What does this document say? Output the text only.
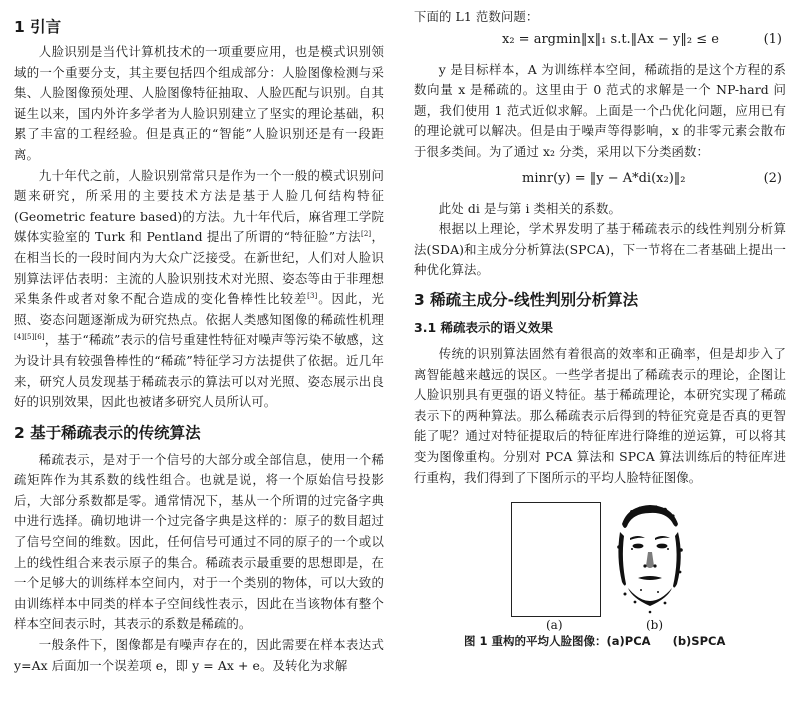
1 引言

人脸识别是当代计算机技术的一项重要应用，也是模式识别领域的一个重要分支，其主要包括四个组成部分：人脸图像检测与采集、人脸图像预处理、人脸图像特征抽取、人脸匹配与识别。自其诞生以来，国内外许多学者为人脸识别建立了坚实的理论基础，积累了丰富的工程经验。但是真正的“智能”人脸识别还是有一段距离。

九十年代之前，人脸识别常常只是作为一个一般的模式识别问题来研究，所采用的主要技术方法是基于人脸几何结构特征(Geometric feature based)的方法。九十年代后，麻省理工学院媒体实验室的 Turk 和 Pentland 提出了所谓的“特征脸”方法[2]，在相当长的一段时间内为大众广泛接受。在新世纪，人们对人脸识别算法评估表明：主流的人脸识别技术对光照、姿态等由于非理想采集条件或者对象不配合造成的变化鲁棒性比较差[3]。因此，光照、姿态问题逐渐成为研究热点。依据人类感知图像的稀疏性机理[4][5][6]，基于“稀疏”表示的信号重建性特征对噪声等污染不敏感，这为设计具有较强鲁棒性的“稀疏”特征学习方法提供了依据。近几年来，研究人员发现基于稀疏表示的算法可以对光照、姿态展示出良好的识别效果，因此也被诸多研究人员所认可。

2 基于稀疏表示的传统算法

稀疏表示，是对于一个信号的大部分或全部信息，使用一个稀疏矩阵作为其系数的线性组合。也就是说，将一个原始信号投影后，大部分系数都是零。通常情况下，基从一个所谓的过完备字典中进行选择。确切地讲一个过完备字典是这样的：原子的数目超过了信号空间的维数。因此，任何信号可通过不同的原子的一个或以上的线性组合来表示原子的集合。稀疏表示最重要的思想即是，在一个足够大的训练样本空间内，对于一个类别的物体，可以大致的由训练样本中同类的样本子空间线性表示，因此在当该物体有整个样本空间表示时，其表示的系数是稀疏的。

一般条件下，图像都是有噪声存在的，因此需要在样本表达式 y=Ax 后面加一个误差项 e，即 y = Ax + e。及转化为求解

下面的 L1 范数问题：

x₂ = argmin‖x‖₁ s.t.‖Ax − y‖₂ ≤ e	(1)

y 是目标样本，A 为训练样本空间，稀疏指的是这个方程的系数向量 x 是稀疏的。这里由于 0 范式的求解是一个 NP-hard 问题，我们使用 1 范式近似求解。上面是一个凸优化问题，应用已有的理论就可以解决。但是由于噪声等得影响，x 的非零元素会散布于很多类间。为了通过 x₂ 分类，采用以下分类函数：

minr(y) = ‖y − A*di(x₂)‖₂	(2)

此处 di 是与第 i 类相关的系数。

根据以上理论，学术界发明了基于稀疏表示的线性判别分析算法(SDA)和主成分分析算法(SPCA)，下一节将在二者基础上提出一种优化算法。

3 稀疏主成分-线性判别分析算法
3.1 稀疏表示的语义效果

传统的识别算法固然有着很高的效率和正确率，但是却步入了离智能越来越远的误区。一些学者提出了稀疏表示的理论，企图让人脸识别具有更强的语义特征。基于稀疏理论，本研究实现了稀疏表示下的两种算法。那么稀疏表示后得到的特征究竟是否真的更智能了呢？通过对特征提取后的特征库进行降维的逆运算，可以将其变为图像重构。分别对 PCA 算法和 SPCA 算法训练后的特征库进行重构，我们得到了下图所示的平均人脸特征图像。

(a)	(b)
图 1 重构的平均人脸图像：(a)PCA (b)SPCA
